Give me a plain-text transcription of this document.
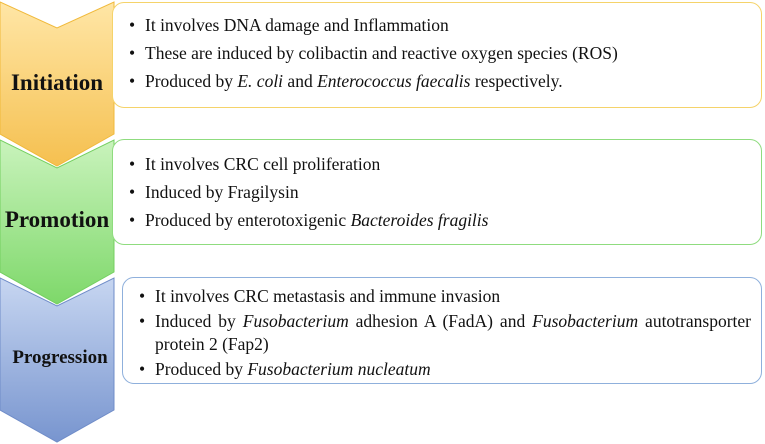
Initiation
Promotion
Progression
• It involves DNA damage and Inflammation
• These are induced by colibactin and reactive oxygen species (ROS)
• Produced by E. coli and Enterococcus faecalis respectively.
• It involves CRC cell proliferation
• Induced by Fragilysin
• Produced by enterotoxigenic Bacteroides fragilis
• It involves CRC metastasis and immune invasion
• Induced by Fusobacterium adhesion A (FadA) and Fusobacterium autotransporter protein 2 (Fap2)
• Produced by Fusobacterium nucleatum
